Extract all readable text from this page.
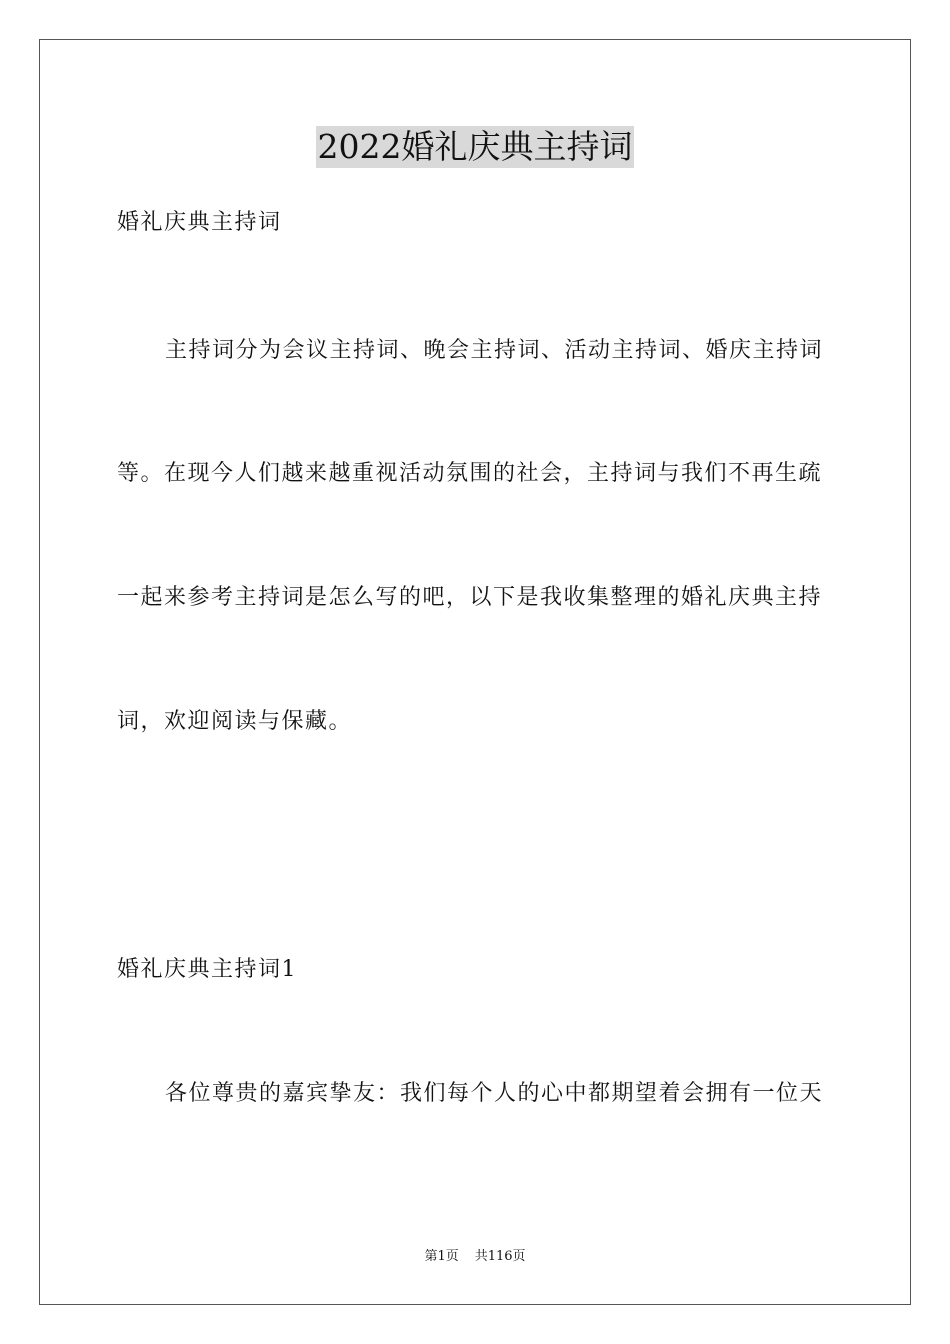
2022婚礼庆典主持词
婚礼庆典主持词
主持词分为会议主持词、晚会主持词、活动主持词、婚庆主持词
等。在现今人们越来越重视活动氛围的社会，主持词与我们不再生疏
一起来参考主持词是怎么写的吧，以下是我收集整理的婚礼庆典主持
词，欢迎阅读与保藏。
婚礼庆典主持词1
各位尊贵的嘉宾挚友：我们每个人的心中都期望着会拥有一位天
第1页 共116页
